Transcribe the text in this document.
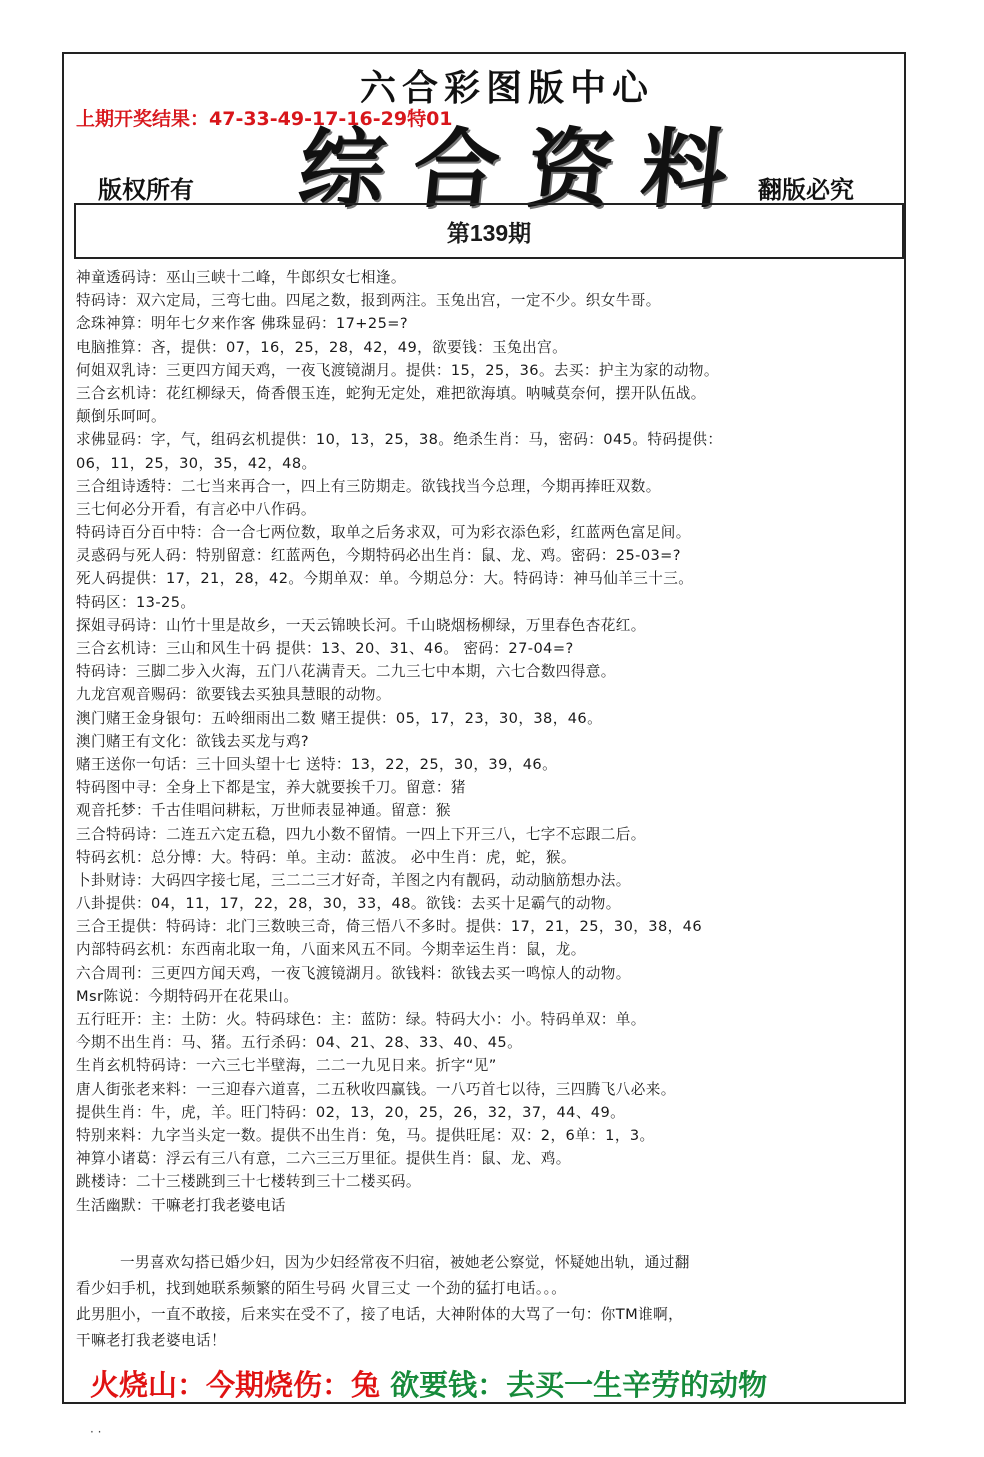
六合彩图版中心
综合资料
上期开奖结果：47-33-49-17-16-29特01
版权所有	翻版必究
第139期
神童透码诗：巫山三峡十二峰，牛郎织女七相逢。
特码诗：双六定局，三弯七曲。四尾之数，报到两注。玉兔出宫，一定不少。织女牛哥。
念珠神算：明年七夕来作客 佛珠显码：17+25=?
电脑推算：吝，提供：07，16，25，28，42，49，欲要钱：玉兔出宫。
何姐双乳诗：三更四方闻天鸡，一夜飞渡镜湖月。提供：15，25，36。去买：护主为家的动物。
三合玄机诗：花红柳绿天，倚香偎玉连，蛇狗无定处，难把欲海填。呐喊莫奈何，摆开队伍战。
颠倒乐呵呵。
求佛显码：字，气，组码玄机提供：10，13，25，38。绝杀生肖：马，密码：045。特码提供：
06，11，25，30，35，42，48。
三合组诗透特：二七当来再合一，四上有三防期走。欲钱找当今总理，今期再捧旺双数。
三七何必分开看，有言必中八作码。
特码诗百分百中特：合一合七两位数，取单之后务求双，可为彩衣添色彩，红蓝两色富足间。
灵惑码与死人码：特别留意：红蓝两色，今期特码必出生肖：鼠、龙、鸡。密码：25-03=?
死人码提供：17，21，28，42。今期单双：单。今期总分：大。特码诗：神马仙羊三十三。
特码区：13-25。
探姐寻码诗：山竹十里是故乡，一天云锦映长河。千山晓烟杨柳绿，万里春色杏花红。
三合玄机诗：三山和风生十码 提供：13、20、31、46。 密码：27-04=?
特码诗：三脚二步入火海，五门八花满青天。二九三七中本期，六七合数四得意。
九龙宫观音赐码：欲要钱去买独具慧眼的动物。
澳门赌王金身银句：五岭细雨出二数 赌王提供：05，17，23，30，38，46。
澳门赌王有文化：欲钱去买龙与鸡?
赌王送你一句话：三十回头望十七 送特：13，22，25，30，39，46。
特码图中寻：全身上下都是宝，养大就要挨千刀。留意：猪
观音托梦：千古佳唱问耕耘，万世师表显神通。留意：猴
三合特码诗：二连五六定五稳，四九小数不留情。一四上下开三八，七字不忘跟二后。
特码玄机：总分博：大。特码：单。主动：蓝波。 必中生肖：虎，蛇，猴。
卜卦财诗：大码四字接七尾，三二二三才好奇，羊图之内有靓码，动动脑筋想办法。
八卦提供：04，11，17，22，28，30，33，48。欲钱：去买十足霸气的动物。
三合王提供：特码诗：北门三数映三奇，倚三悟八不多时。提供：17，21，25，30，38，46
内部特码玄机：东西南北取一角，八面来风五不同。今期幸运生肖：鼠，龙。
六合周刊：三更四方闻天鸡，一夜飞渡镜湖月。欲钱料：欲钱去买一鸣惊人的动物。
Msr陈说：今期特码开在花果山。
五行旺开：主：土防：火。特码球色：主：蓝防：绿。特码大小：小。特码单双：单。
今期不出生肖：马、猪。五行杀码：04、21、28、33、40、45。
生肖玄机特码诗：一六三七半壁海，二二一九见日来。折字“见”
唐人街张老来料：一三迎春六道喜，二五秋收四赢钱。一八巧首七以待，三四腾飞八必来。
提供生肖：牛，虎，羊。旺门特码：02，13，20，25，26，32，37，44、49。
特别来料：九字当头定一数。提供不出生肖：兔，马。提供旺尾：双：2，6单：1，3。
神算小诸葛：浮云有三八有意，二六三三万里征。提供生肖：鼠、龙、鸡。
跳楼诗：二十三楼跳到三十七楼转到三十二楼买码。
生活幽默：干嘛老打我老婆电话
一男喜欢勾搭已婚少妇，因为少妇经常夜不归宿，被她老公察觉，怀疑她出轨，通过翻
看少妇手机，找到她联系频繁的陌生号码 火冒三丈 一个劲的猛打电话。。。
此男胆小，一直不敢接，后来实在受不了，接了电话，大神附体的大骂了一句：你TM谁啊，
干嘛老打我老婆电话！
火烧山：今期烧伤：兔 欲要钱：去买一生辛劳的动物
· ·
